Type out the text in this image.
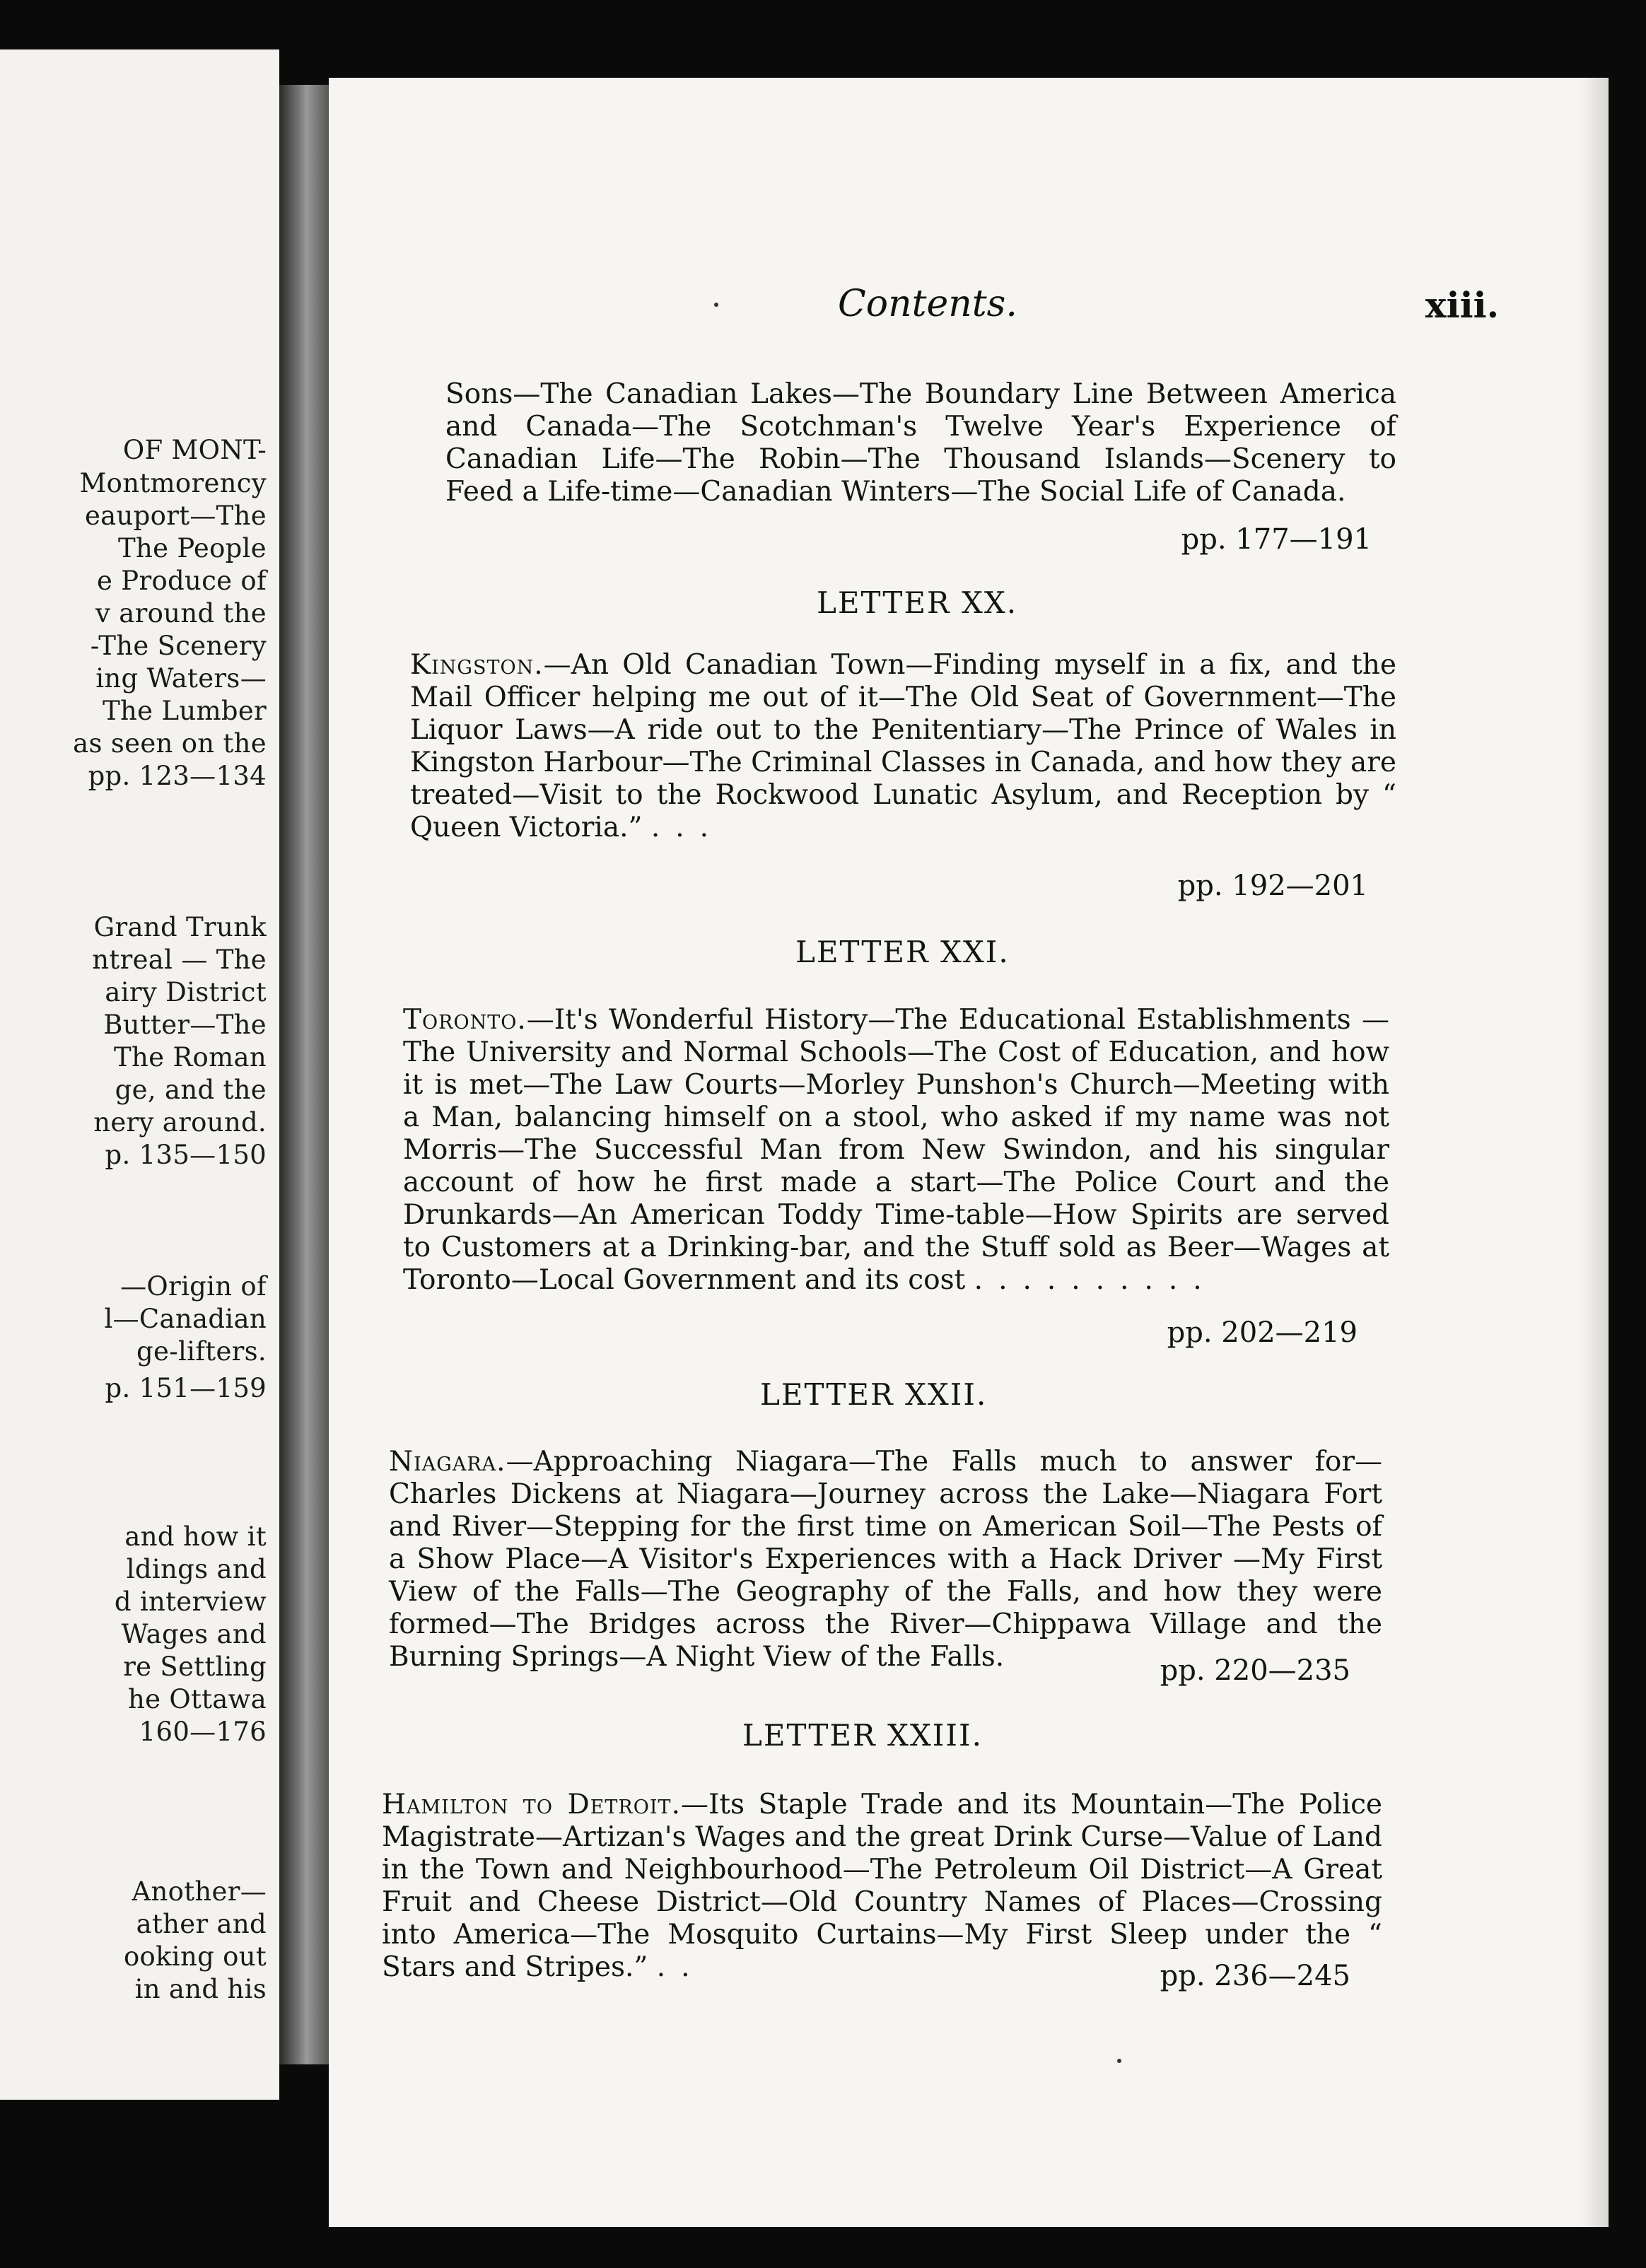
OF MONT-
Montmorency
eauport—The
The People
e Produce of
v around the
-The Scenery
ing Waters—
The Lumber
as seen on the
pp. 123—134
Grand Trunk
ntreal — The
airy District
Butter—The
The Roman
ge, and the
nery around.
p. 135—150
—Origin of
l—Canadian
ge-lifters.
p. 151—159
and how it
ldings and
d interview
Wages and
re Settling
he Ottawa
160—176
Another—
ather and
ooking out
in and his
Contents.	xiii.
Sons—The Canadian Lakes—The Boundary Line Between America and Canada—The Scotchman's Twelve Year's Experience of Canadian Life—The Robin—The Thousand Islands—Scenery to Feed a Life-time—Canadian Winters—The Social Life of Canada.
pp. 177—191
LETTER XX.
Kingston.—An Old Canadian Town—Finding myself in a fix, and the Mail Officer helping me out of it—The Old Seat of Government—The Liquor Laws—A ride out to the Penitentiary—The Prince of Wales in Kingston Harbour—The Criminal Classes in Canada, and how they are treated—Visit to the Rockwood Lunatic Asylum, and Reception by “ Queen Victoria.” ...
pp. 192—201
LETTER XXI.
Toronto.—It's Wonderful History—The Educational Establishments —The University and Normal Schools—The Cost of Education, and how it is met—The Law Courts—Morley Punshon's Church—Meeting with a Man, balancing himself on a stool, who asked if my name was not Morris—The Successful Man from New Swindon, and his singular account of how he first made a start—The Police Court and the Drunkards—An American Toddy Time-table—How Spirits are served to Customers at a Drinking-bar, and the Stuff sold as Beer—Wages at Toronto—Local Government and its cost ..........
pp. 202—219
LETTER XXII.
Niagara.—Approaching Niagara—The Falls much to answer for—Charles Dickens at Niagara—Journey across the Lake—Niagara Fort and River—Stepping for the first time on American Soil—The Pests of a Show Place—A Visitor's Experiences with a Hack Driver —My First View of the Falls—The Geography of the Falls, and how they were formed—The Bridges across the River—Chippawa Village and the Burning Springs—A Night View of the Falls.	pp. 220—235
LETTER XXIII.
Hamilton to Detroit.—Its Staple Trade and its Mountain—The Police Magistrate—Artizan's Wages and the great Drink Curse—Value of Land in the Town and Neighbourhood—The Petroleum Oil District—A Great Fruit and Cheese District—Old Country Names of Places—Crossing into America—The Mosquito Curtains—My First Sleep under the “ Stars and Stripes.” ..	pp. 236—245
